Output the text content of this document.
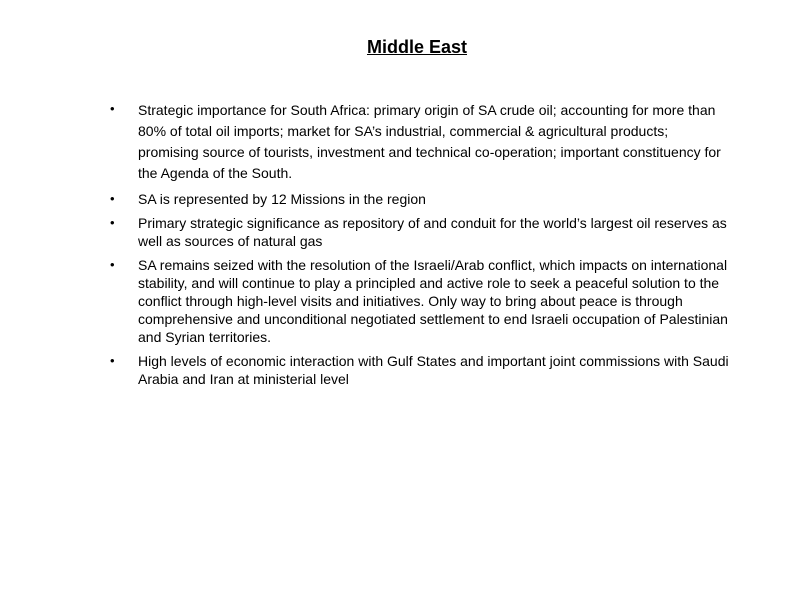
Middle East
•	Strategic importance for South Africa: primary origin of SA crude oil; accounting for more than 80% of total oil imports; market for SA’s industrial, commercial & agricultural products; promising source of tourists, investment and technical co-operation; important constituency for the Agenda of the South.
•	SA is represented by 12 Missions in the region
•	Primary strategic significance as repository of and conduit for the world’s largest oil reserves as well as sources of natural gas
•	SA remains seized with the resolution of the Israeli/Arab conflict, which impacts on international stability, and will continue to play a principled and active role to seek a peaceful solution to the conflict through high-level visits and initiatives. Only way to bring about peace is through comprehensive and unconditional negotiated settlement to end Israeli occupation of Palestinian and Syrian territories.
•	High levels of economic interaction with Gulf States and important joint commissions with Saudi Arabia and Iran at ministerial level
